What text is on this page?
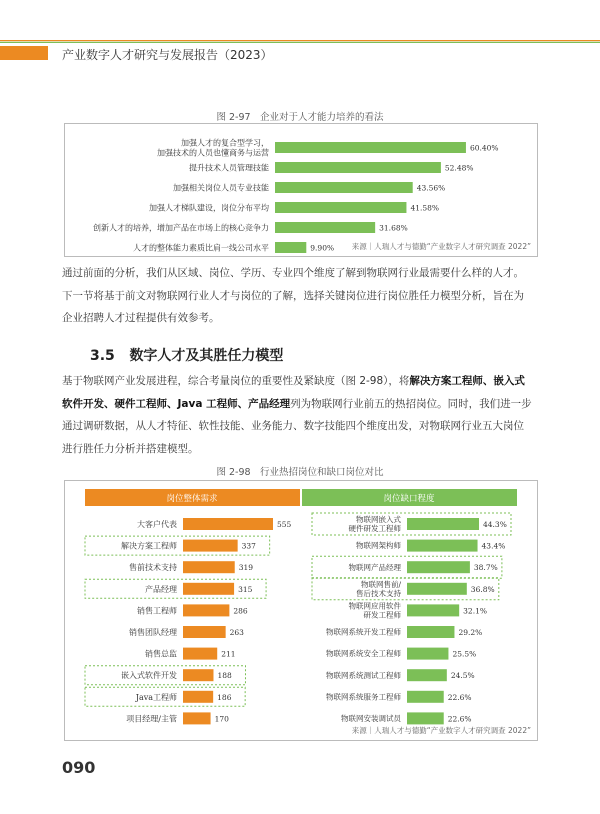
产业数字人才研究与发展报告（2023）
图 2-97　企业对于人才能力培养的看法
加强人才的复合型学习，加强技术的人员也懂商务与运营
60.40%
提升技术人员管理技能	52.48%
加强相关岗位人员专业技能	43.56%
加强人才梯队建设，岗位分布平均	41.58%
创新人才的培养，增加产品在市场上的核心竞争力	31.68%
人才的整体能力素质比肩一线公司水平	9.90% 来源｜人瑞人才与德勤“产业数字人才研究调查 2022”

通过前面的分析，我们从区域、岗位、学历、专业四个维度了解到物联网行业最需要什么样的人才。下一节将基于前文对物联网行业人才与岗位的了解，选择关键岗位进行岗位胜任力模型分析，旨在为企业招聘人才过程提供有效参考。

3.5 数字人才及其胜任力模型

基于物联网产业发展进程，综合考量岗位的重要性及紧缺度（图 2-98），将解决方案工程师、嵌入式软件开发、硬件工程师、Java 工程师、产品经理列为物联网行业前五的热招岗位。同时，我们进一步通过调研数据，从人才特征、软性技能、业务能力、数字技能四个维度出发，对物联网行业五大岗位进行胜任力分析并搭建模型。

图 2-98　行业热招岗位和缺口岗位对比
岗位整体需求	岗位缺口程度
大客户代表	555
解决方案工程师	337
售前技术支持	319
产品经理	315
销售工程师	286
销售团队经理	263
销售总监	211
嵌入式软件开发	188
Java工程师	186
项目经理/主管	170
物联网嵌入式硬件研发工程师	44.3%
物联网架构师	43.4%
物联网产品经理	38.7%
物联网售前/售后技术支持	36.8%
物联网应用软件研发工程师	32.1%
物联网系统开发工程师	29.2%
物联网系统安全工程师	25.5%
物联网系统测试工程师	24.5%
物联网系统服务工程师	22.6%
物联网安装调试员	22.6%
来源｜人瑞人才与德勤“产业数字人才研究调查 2022”
090
